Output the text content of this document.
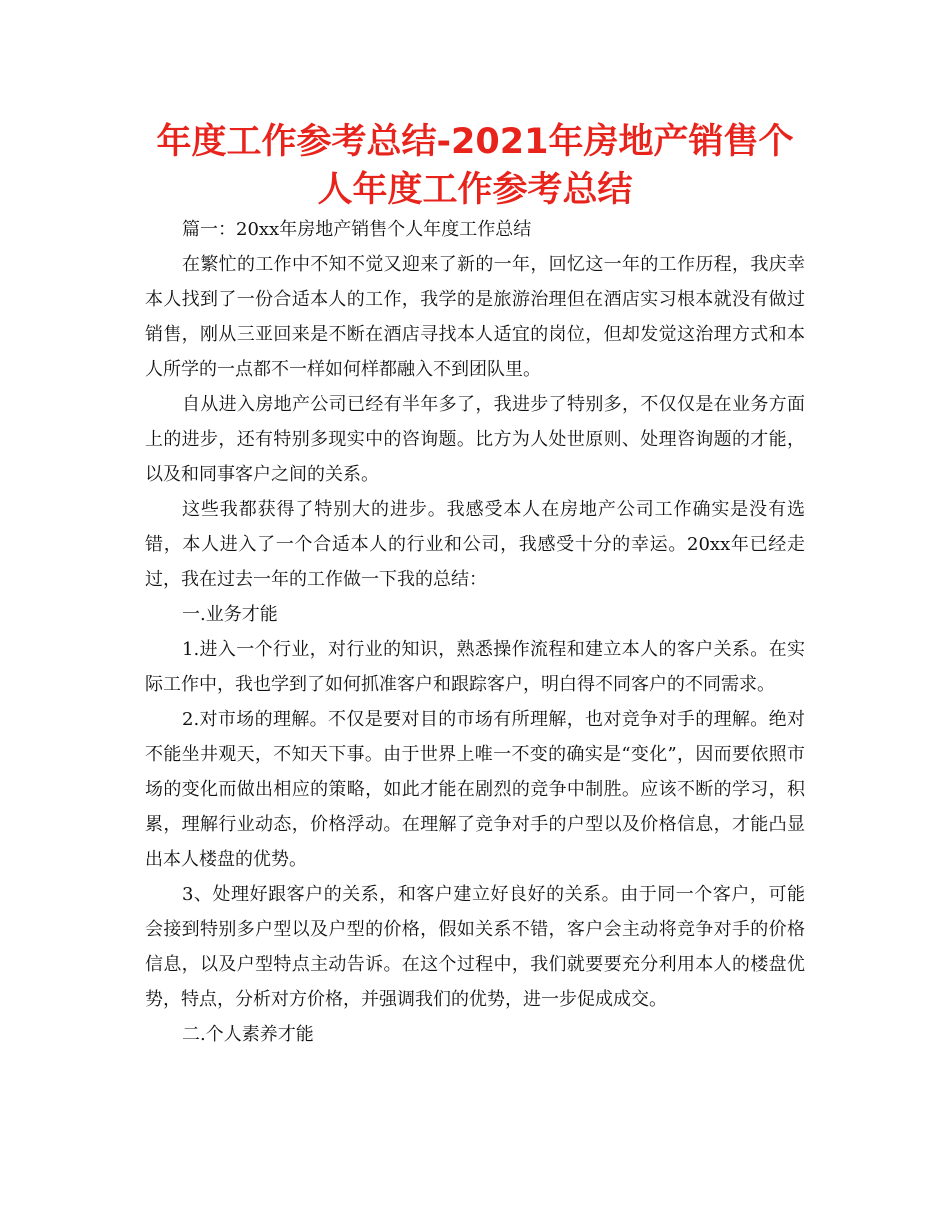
年度工作参考总结-2021年房地产销售个人年度工作参考总结

篇一：20xx年房地产销售个人年度工作总结

在繁忙的工作中不知不觉又迎来了新的一年，回忆这一年的工作历程，我庆幸本人找到了一份合适本人的工作，我学的是旅游治理但在酒店实习根本就没有做过销售，刚从三亚回来是不断在酒店寻找本人适宜的岗位，但却发觉这治理方式和本人所学的一点都不一样如何样都融入不到团队里。

自从进入房地产公司已经有半年多了，我进步了特别多，不仅仅是在业务方面上的进步，还有特别多现实中的咨询题。比方为人处世原则、处理咨询题的才能，以及和同事客户之间的关系。

这些我都获得了特别大的进步。我感受本人在房地产公司工作确实是没有选错，本人进入了一个合适本人的行业和公司，我感受十分的幸运。20xx年已经走过，我在过去一年的工作做一下我的总结：

一.业务才能

1.进入一个行业，对行业的知识，熟悉操作流程和建立本人的客户关系。在实际工作中，我也学到了如何抓准客户和跟踪客户，明白得不同客户的不同需求。

2.对市场的理解。不仅是要对目的市场有所理解，也对竞争对手的理解。绝对不能坐井观天，不知天下事。由于世界上唯一不变的确实是“变化”，因而要依照市场的变化而做出相应的策略，如此才能在剧烈的竞争中制胜。应该不断的学习，积累，理解行业动态，价格浮动。在理解了竞争对手的户型以及价格信息，才能凸显出本人楼盘的优势。

3、处理好跟客户的关系，和客户建立好良好的关系。由于同一个客户，可能会接到特别多户型以及户型的价格，假如关系不错，客户会主动将竞争对手的价格信息，以及户型特点主动告诉。在这个过程中，我们就要要充分利用本人的楼盘优势，特点，分析对方价格，并强调我们的优势，进一步促成成交。

二.个人素养才能
